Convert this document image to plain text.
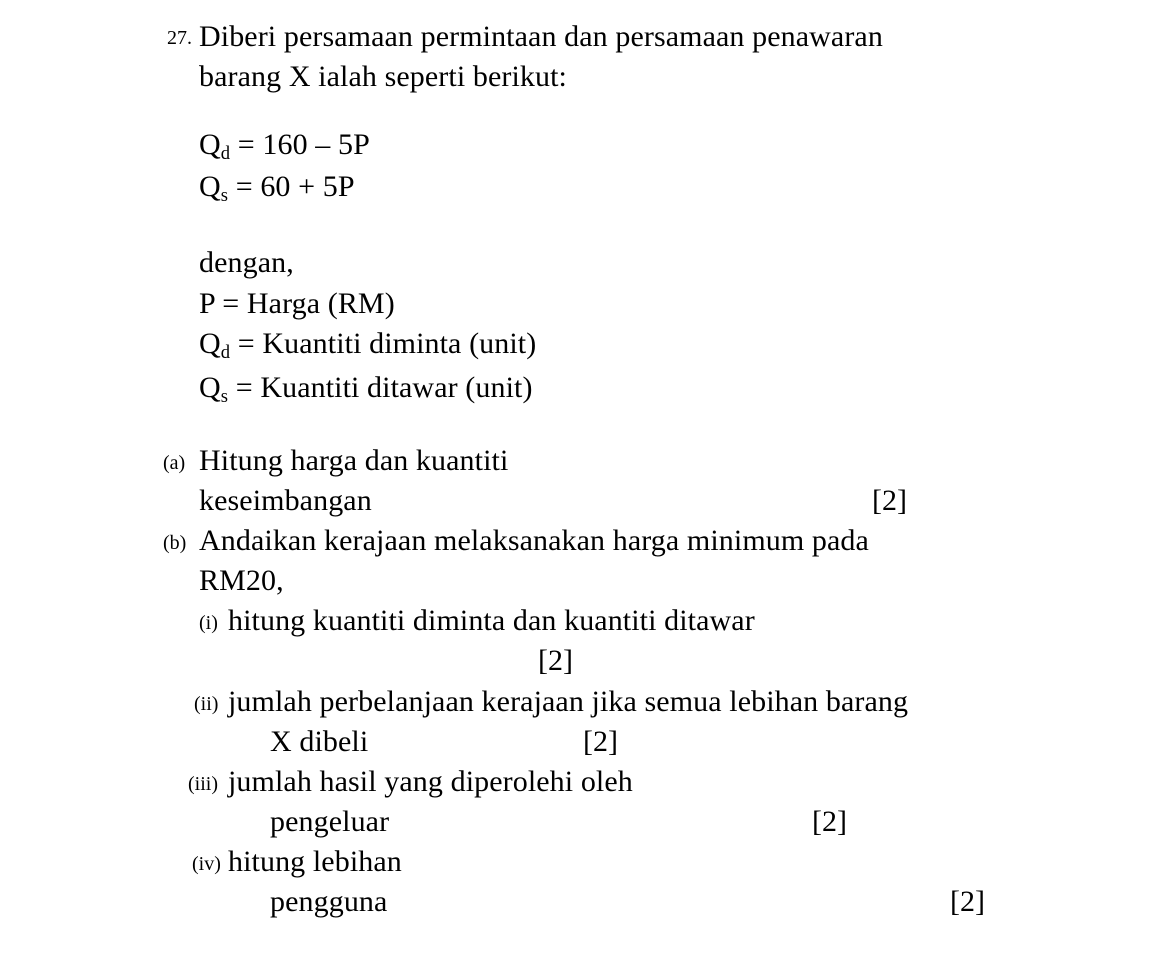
27. Diberi persamaan permintaan dan persamaan penawaran
barang X ialah seperti berikut:
$Q_d = 160 - 5P$
$Q_s = 60 + 5P$
dengan,
P = Harga (RM)
$Q_d$ = Kuantiti diminta (unit)
$Q_s$ = Kuantiti ditawar (unit)
(a) Hitung harga dan kuantiti
keseimbangan	[2]
(b) Andaikan kerajaan melaksanakan harga minimum pada
RM20,
(i) hitung kuantiti diminta dan kuantiti ditawar
[2]
(ii) jumlah perbelanjaan kerajaan jika semua lebihan barang
X dibeli	[2]
(iii) jumlah hasil yang diperolehi oleh
pengeluar	[2]
(iv) hitung lebihan
pengguna	[2]
